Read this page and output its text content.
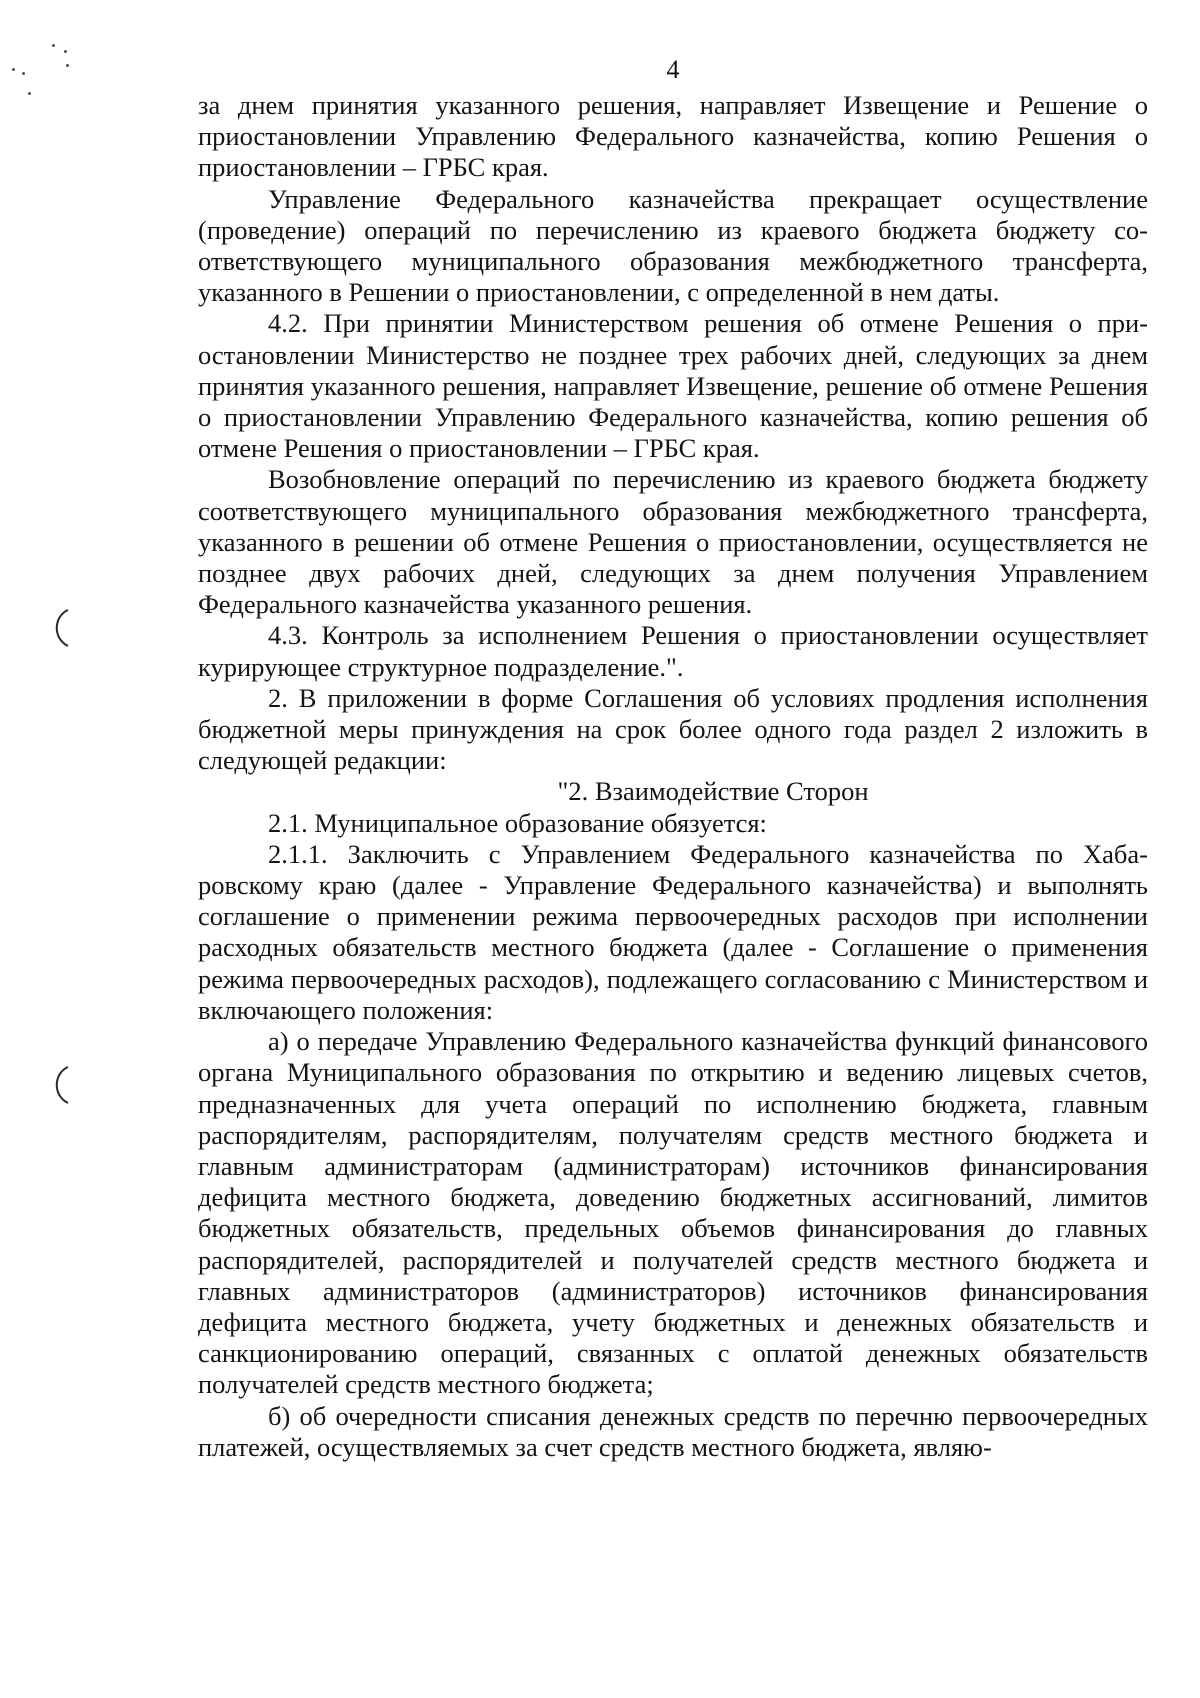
4

за днем принятия указанного решения, направляет Извещение и Решение о приостановлении Управлению Федерального казначейства, копию Решения о приостановлении – ГРБС края.

Управление Федерального казначейства прекращает осуществление (проведение) операций по перечислению из краевого бюджета бюджету соответствующего муниципального образования межбюджетного трансферта, указанного в Решении о приостановлении, с определенной в нем даты.

4.2. При принятии Министерством решения об отмене Решения о приостановлении Министерство не позднее трех рабочих дней, следующих за днем принятия указанного решения, направляет Извещение, решение об отмене Решения о приостановлении Управлению Федерального казначейства, копию решения об отмене Решения о приостановлении – ГРБС края.

Возобновление операций по перечислению из краевого бюджета бюджету соответствующего муниципального образования межбюджетного трансферта, указанного в решении об отмене Решения о приостановлении, осуществляется не позднее двух рабочих дней, следующих за днем получения Управлением Федерального казначейства указанного решения.

4.3. Контроль за исполнением Решения о приостановлении осуществляет курирующее структурное подразделение.".

2. В приложении в форме Соглашения об условиях продления исполнения бюджетной меры принуждения на срок более одного года раздел 2 изложить в следующей редакции:

"2. Взаимодействие Сторон

2.1. Муниципальное образование обязуется:

2.1.1. Заключить с Управлением Федерального казначейства по Хабаровскому краю (далее - Управление Федерального казначейства) и выполнять соглашение о применении режима первоочередных расходов при исполнении расходных обязательств местного бюджета (далее - Соглашение о применения режима первоочередных расходов), подлежащего согласованию с Министерством и включающего положения:

а) о передаче Управлению Федерального казначейства функций финансового органа Муниципального образования по открытию и ведению лицевых счетов, предназначенных для учета операций по исполнению бюджета, главным распорядителям, распорядителям, получателям средств местного бюджета и главным администраторам (администраторам) источников финансирования дефицита местного бюджета, доведению бюджетных ассигнований, лимитов бюджетных обязательств, предельных объемов финансирования до главных распорядителей, распорядителей и получателей средств местного бюджета и главных администраторов (администраторов) источников финансирования дефицита местного бюджета, учету бюджетных и денежных обязательств и санкционированию операций, связанных с оплатой денежных обязательств получателей средств местного бюджета;

б) об очередности списания денежных средств по перечню первоочередных платежей, осуществляемых за счет средств местного бюджета, являю-
